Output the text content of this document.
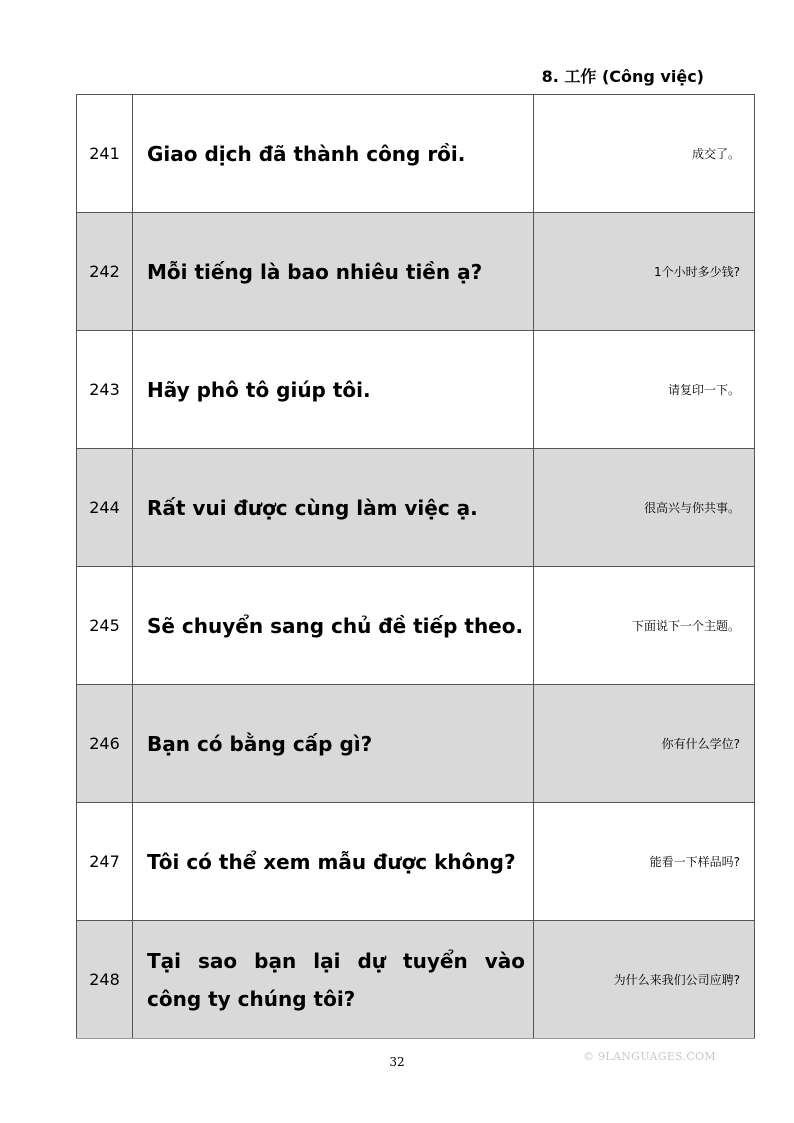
8. 工作 (Công việc)
241	Giao dịch đã thành công rồi.	成交了。
242	Mỗi tiếng là bao nhiêu tiền ạ?	1个小时多少钱?
243	Hãy phô tô giúp tôi.	请复印一下。
244	Rất vui được cùng làm việc ạ.	很高兴与你共事。
245	Sẽ chuyển sang chủ đề tiếp theo.	下面说下一个主题。
246	Bạn có bằng cấp gì?	你有什么学位?
247	Tôi có thể xem mẫu được không?	能看一下样品吗?
248	Tại sao bạn lại dự tuyển vào công ty chúng tôi?	为什么来我们公司应聘?
32	© 9LANGUAGES.COM
